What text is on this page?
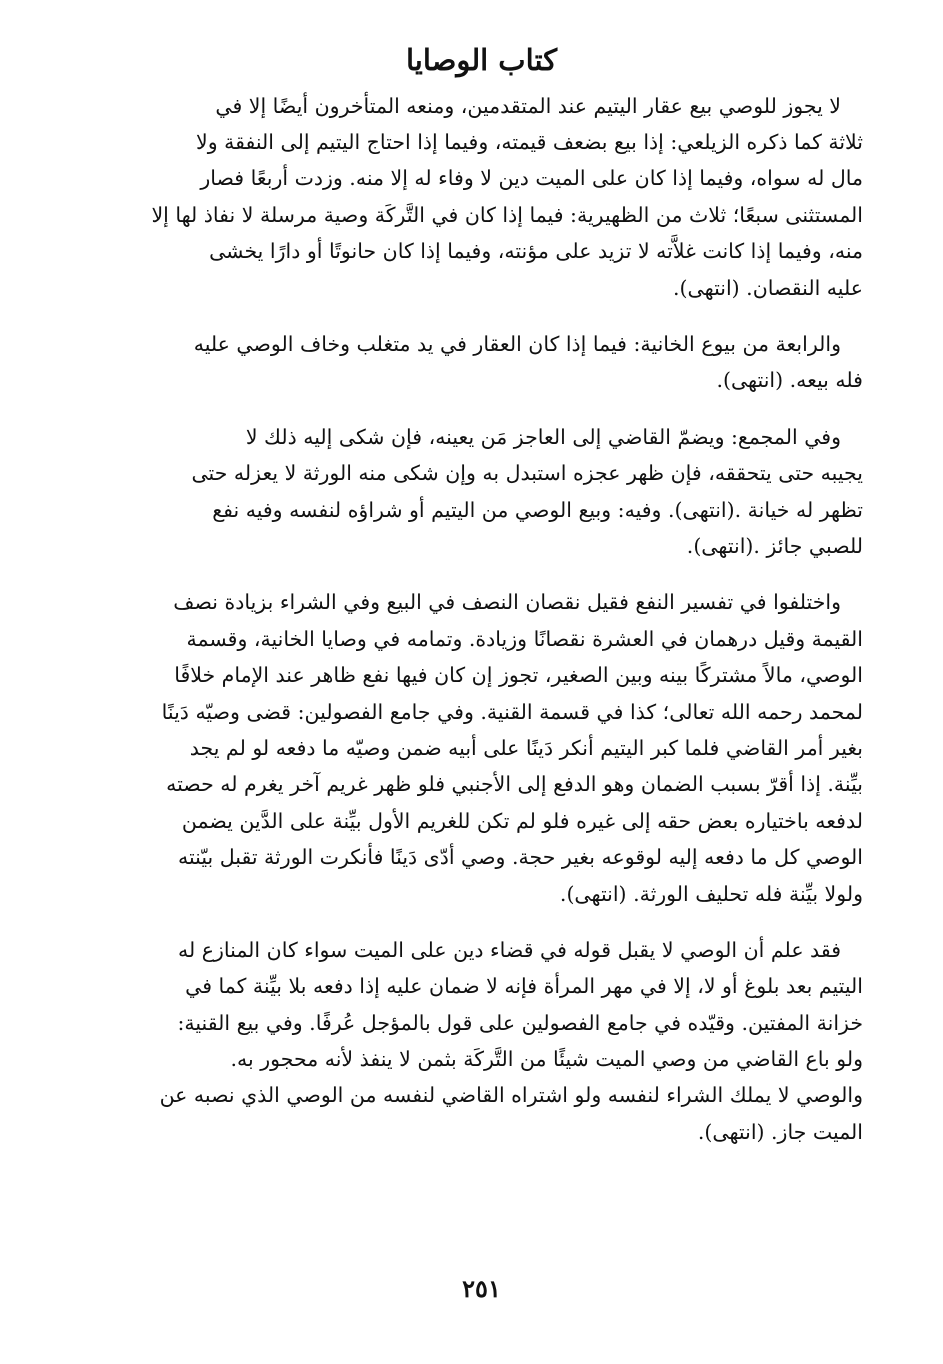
كتاب الوصايا
لا يجوز للوصي بيع عقار اليتيم عند المتقدمين، ومنعه المتأخرون أيضًا إلا في
ثلاثة كما ذكره الزيلعي: إذا بيع بضعف قيمته، وفيما إذا احتاج اليتيم إلى النفقة ولا
مال له سواه، وفيما إذا كان على الميت دين لا وفاء له إلا منه. وزدت أربعًا فصار
المستثنى سبعًا؛ ثلاث من الظهيرية: فيما إذا كان في التَّركَة وصية مرسلة لا نفاذ لها إلا
منه، وفيما إذا كانت غلاَّته لا تزيد على مؤنته، وفيما إذا كان حانوتًا أو دارًا يخشى
عليه النقصان. (انتهى).
والرابعة من بيوع الخانية: فيما إذا كان العقار في يد متغلب وخاف الوصي عليه
فله بيعه. (انتهى).
وفي المجمع: ويضمّ القاضي إلى العاجز مَن يعينه، فإن شكى إليه ذلك لا
يجيبه حتى يتحققه، فإن ظهر عجزه استبدل به وإن شكى منه الورثة لا يعزله حتى
تظهر له خيانة .(انتهى). وفيه: وبيع الوصي من اليتيم أو شراؤه لنفسه وفيه نفع
للصبي جائز .(انتهى).
واختلفوا في تفسير النفع فقيل نقصان النصف في البيع وفي الشراء بزيادة نصف
القيمة وقيل درهمان في العشرة نقصانًا وزيادة. وتمامه في وصايا الخانية، وقسمة
الوصي، مالاً مشتركًا بينه وبين الصغير، تجوز إن كان فيها نفع ظاهر عند الإمام خلافًا
لمحمد رحمه الله تعالى؛ كذا في قسمة القنية. وفي جامع الفصولين: قضى وصيّه دَينًا
بغير أمر القاضي فلما كبر اليتيم أنكر دَينًا على أبيه ضمن وصيّه ما دفعه لو لم يجد
بيِّنة. إذا أقرّ بسبب الضمان وهو الدفع إلى الأجنبي فلو ظهر غريم آخر يغرم له حصته
لدفعه باختياره بعض حقه إلى غيره فلو لم تكن للغريم الأول بيِّنة على الدَّين يضمن
الوصي كل ما دفعه إليه لوقوعه بغير حجة. وصي أدّى دَينًا فأنكرت الورثة تقبل بيّنته
ولولا بيِّنة فله تحليف الورثة. (انتهى).
فقد علم أن الوصي لا يقبل قوله في قضاء دين على الميت سواء كان المنازع له
اليتيم بعد بلوغ أو لا، إلا في مهر المرأة فإنه لا ضمان عليه إذا دفعه بلا بيِّنة كما في
خزانة المفتين. وقيّده في جامع الفصولين على قول بالمؤجل عُرفًا. وفي بيع القنية:
ولو باع القاضي من وصي الميت شيئًا من التَّركَة بثمن لا ينفذ لأنه محجور به.
والوصي لا يملك الشراء لنفسه ولو اشتراه القاضي لنفسه من الوصي الذي نصبه عن
الميت جاز. (انتهى).
٢٥١
